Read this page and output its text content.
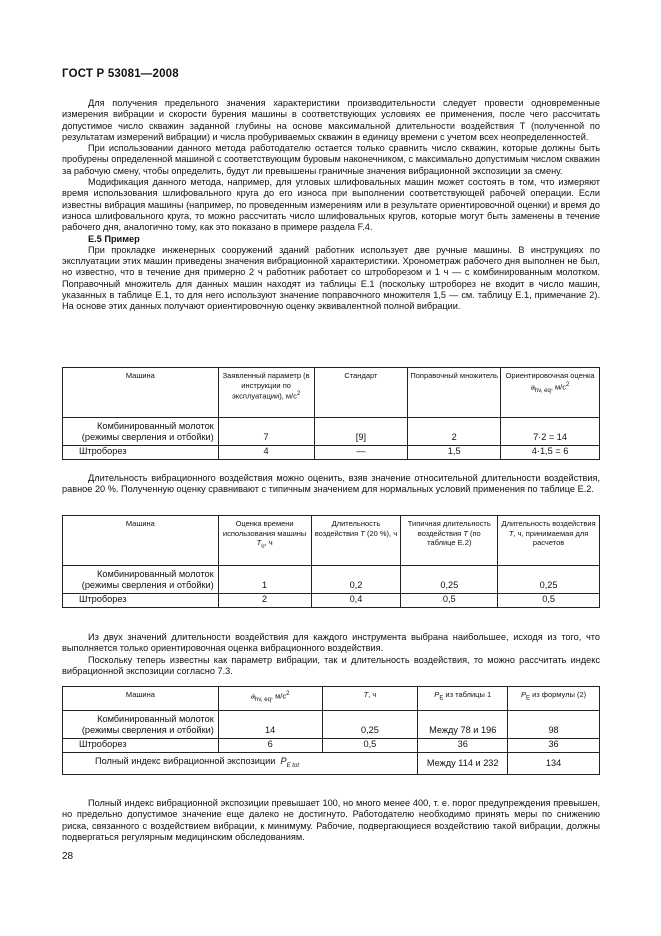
ГОСТ Р 53081—2008

Для получения предельного значения характеристики производительности следует провести одновременные измерения вибрации и скорости бурения машины в соответствующих условиях ее применения, после чего рассчитать допустимое число скважин заданной глубины на основе максимальной длительности воздействия T (полученной по результатам измерений вибрации) и числа пробуриваемых скважин в единицу времени с учетом всех неопределенностей.

При использовании данного метода работодателю остается только сравнить число скважин, которые должны быть пробурены определенной машиной с соответствующим буровым наконечником, с максимально допустимым числом скважин за рабочую смену, чтобы определить, будут ли превышены граничные значения вибрационной экспозиции за смену.

Модификация данного метода, например, для угловых шлифовальных машин может состоять в том, что измеряют время использования шлифовального круга до его износа при выполнении соответствующей рабочей операции. Если известны вибрация машины (например, по проведенным измерениям или в результате ориентировочной оценки) и время до износа шлифовального круга, то можно рассчитать число шлифовальных кругов, которые могут быть заменены в течение рабочего дня, аналогично тому, как это показано в примере раздела F.4.

Е.5 Пример

При прокладке инженерных сооружений зданий работник использует две ручные машины. В инструкциях по эксплуатации этих машин приведены значения вибрационной характеристики. Хронометраж рабочего дня выполнен не был, но известно, что в течение дня примерно 2 ч работник работает со штроборезом и 1 ч — с комбинированным молотком. Поправочный множитель для данных машин находят из таблицы Е.1 (поскольку штроборез не входит в число машин, указанных в таблице Е.1, то для него используют значение поправочного множителя 1,5 — см. таблицу Е.1, примечание 2). На основе этих данных получают ориентировочную оценку эквивалентной полной вибрации.

Машина	Заявленный параметр (в инструкции по эксплуатации), $м/с^2$	Стандарт	Поправочный множитель	Ориентировочная оценка $a_{hv, eq}$, $м/с^2$
Комбинированный молоток (режимы сверления и отбойки)	7	[9]	2	7·2 = 14
Штроборез	4	—	1,5	4·1,5 = 6

Длительность вибрационного воздействия можно оценить, взяв значение относительной длительности воздействия, равное 20 %. Полученную оценку сравнивают с типичным значением для нормальных условий применения по таблице Е.2.

Машина	Оценка времени использования машины $T_u$, ч	Длительность воздействия T (20 %), ч	Типичная длительность воздействия T (по таблице Е.2)	Длительность воздействия T, ч, принимаемая для расчетов
Комбинированный молоток (режимы сверления и отбойки)	1	0,2	0,25	0,25
Штроборез	2	0,4	0,5	0,5

Из двух значений длительности воздействия для каждого инструмента выбрана наибольшее, исходя из того, что выполняется только ориентировочная оценка вибрационного воздействия.

Поскольку теперь известны как параметр вибрации, так и длительность воздействия, то можно рассчитать индекс вибрационной экспозиции согласно 7.3.

Машина	$a_{hv, eq}$, $м/с^2$	T, ч	$P_E$ из таблицы 1	$P_E$ из формулы (2)
Комбинированный молоток (режимы сверления и отбойки)	14	0,25	Между 78 и 196	98
Штроборез	6	0,5	36	36
Полный индекс вибрационной экспозиции  $P_{E tot}$			Между 114 и 232	134

Полный индекс вибрационной экспозиции превышает 100, но много менее 400, т. е. порог предупреждения превышен, но предельно допустимое значение еще далеко не достигнуто. Работодателю необходимо принять меры по снижению риска, связанного с воздействием вибрации, к минимуму. Рабочие, подвергающиеся воздействию такой вибрации, должны подвергаться регулярным медицинским обследованиям.

28
